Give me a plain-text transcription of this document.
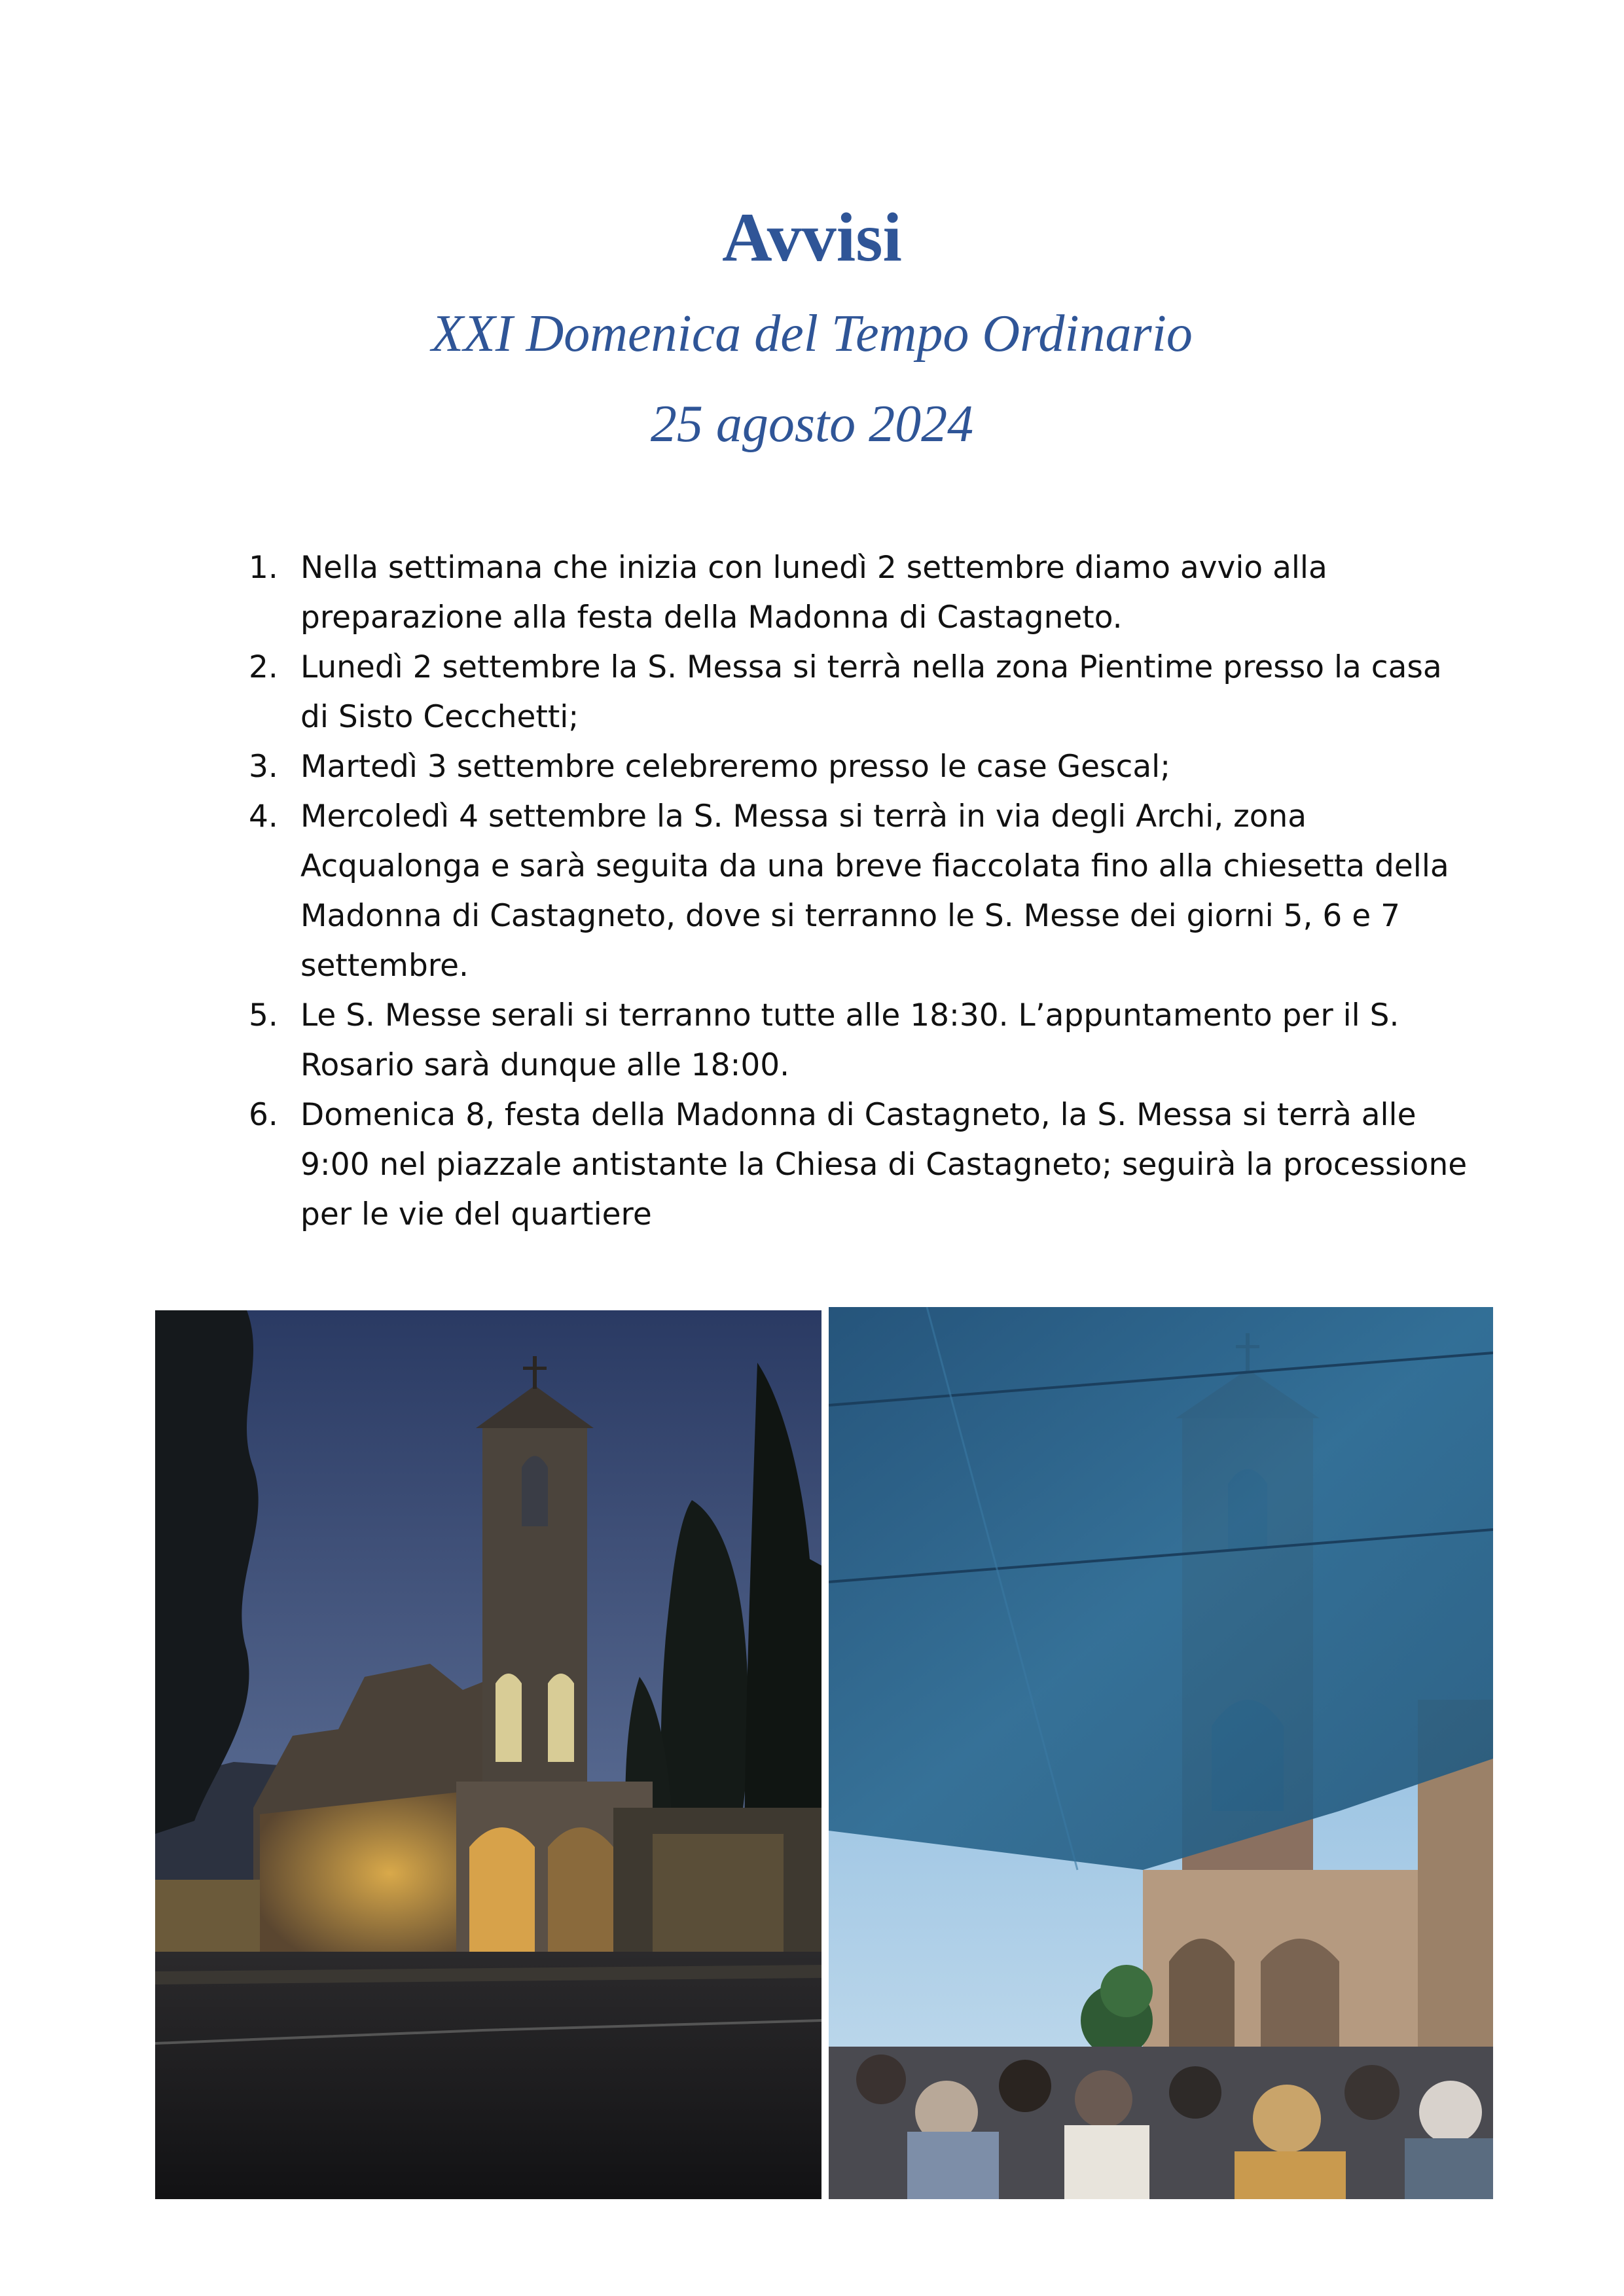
Avvisi
XXI Domenica del Tempo Ordinario
25 agosto 2024
1. Nella settimana che inizia con lunedì 2 settembre diamo avvio alla preparazione alla festa della Madonna di Castagneto.
2. Lunedì 2 settembre la S. Messa si terrà nella zona Pientime presso la casa di Sisto Cecchetti;
3. Martedì 3 settembre celebreremo presso le case Gescal;
4. Mercoledì 4 settembre la S. Messa si terrà in via degli Archi, zona Acqualonga e sarà seguita da una breve fiaccolata fino alla chiesetta della Madonna di Castagneto, dove si terranno le S. Messe dei giorni 5, 6 e 7 settembre.
5. Le S. Messe serali si terranno tutte alle 18:30. L’appuntamento per il S. Rosario sarà dunque alle 18:00.
6. Domenica 8, festa della Madonna di Castagneto, la S. Messa si terrà alle 9:00 nel piazzale antistante la Chiesa di Castagneto; seguirà la processione per le vie del quartiere
